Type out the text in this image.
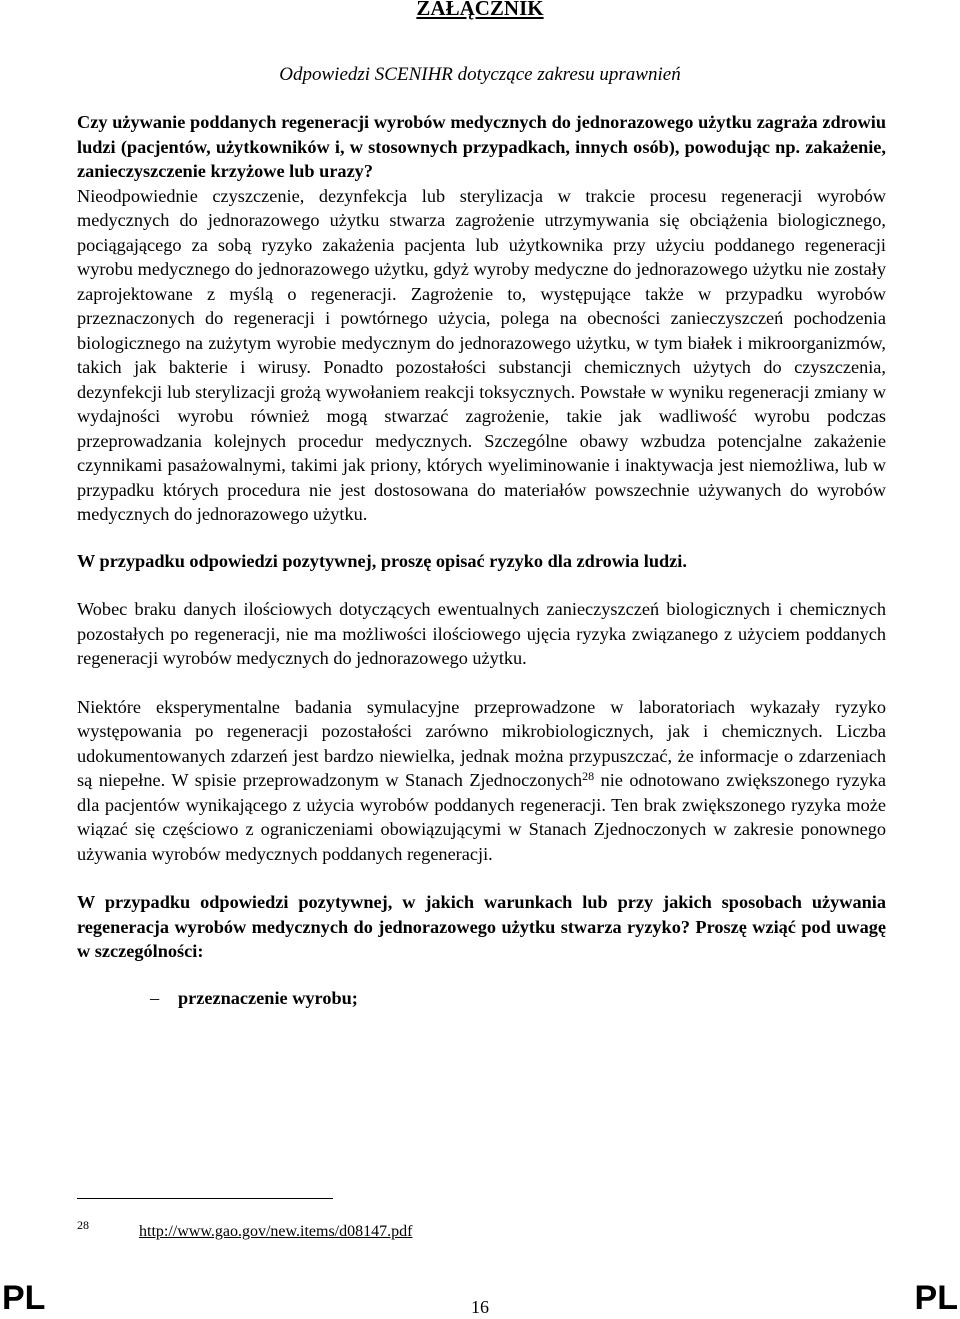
ZAŁĄCZNIK

Odpowiedzi SCENIHR dotyczące zakresu uprawnień

Czy używanie poddanych regeneracji wyrobów medycznych do jednorazowego użytku zagraża zdrowiu ludzi (pacjentów, użytkowników i, w stosownych przypadkach, innych osób), powodując np. zakażenie, zanieczyszczenie krzyżowe lub urazy?

Nieodpowiednie czyszczenie, dezynfekcja lub sterylizacja w trakcie procesu regeneracji wyrobów medycznych do jednorazowego użytku stwarza zagrożenie utrzymywania się obciążenia biologicznego, pociągającego za sobą ryzyko zakażenia pacjenta lub użytkownika przy użyciu poddanego regeneracji wyrobu medycznego do jednorazowego użytku, gdyż wyroby medyczne do jednorazowego użytku nie zostały zaprojektowane z myślą o regeneracji. Zagrożenie to, występujące także w przypadku wyrobów przeznaczonych do regeneracji i powtórnego użycia, polega na obecności zanieczyszczeń pochodzenia biologicznego na zużytym wyrobie medycznym do jednorazowego użytku, w tym białek i mikroorganizmów, takich jak bakterie i wirusy. Ponadto pozostałości substancji chemicznych użytych do czyszczenia, dezynfekcji lub sterylizacji grożą wywołaniem reakcji toksycznych. Powstałe w wyniku regeneracji zmiany w wydajności wyrobu również mogą stwarzać zagrożenie, takie jak wadliwość wyrobu podczas przeprowadzania kolejnych procedur medycznych. Szczególne obawy wzbudza potencjalne zakażenie czynnikami pasażowalnymi, takimi jak priony, których wyeliminowanie i inaktywacja jest niemożliwa, lub w przypadku których procedura nie jest dostosowana do materiałów powszechnie używanych do wyrobów medycznych do jednorazowego użytku.

W przypadku odpowiedzi pozytywnej, proszę opisać ryzyko dla zdrowia ludzi.

Wobec braku danych ilościowych dotyczących ewentualnych zanieczyszczeń biologicznych i chemicznych pozostałych po regeneracji, nie ma możliwości ilościowego ujęcia ryzyka związanego z użyciem poddanych regeneracji wyrobów medycznych do jednorazowego użytku.

Niektóre eksperymentalne badania symulacyjne przeprowadzone w laboratoriach wykazały ryzyko występowania po regeneracji pozostałości zarówno mikrobiologicznych, jak i chemicznych. Liczba udokumentowanych zdarzeń jest bardzo niewielka, jednak można przypuszczać, że informacje o zdarzeniach są niepełne. W spisie przeprowadzonym w Stanach Zjednoczonych$^{28}$ nie odnotowano zwiększonego ryzyka dla pacjentów wynikającego z użycia wyrobów poddanych regeneracji. Ten brak zwiększonego ryzyka może wiązać się częściowo z ograniczeniami obowiązującymi w Stanach Zjednoczonych w zakresie ponownego używania wyrobów medycznych poddanych regeneracji.

W przypadku odpowiedzi pozytywnej, w jakich warunkach lub przy jakich sposobach używania regeneracja wyrobów medycznych do jednorazowego użytku stwarza ryzyko? Proszę wziąć pod uwagę w szczególności:

– przeznaczenie wyrobu;
28	http://www.gao.gov/new.items/d08147.pdf
PL	16	PL
